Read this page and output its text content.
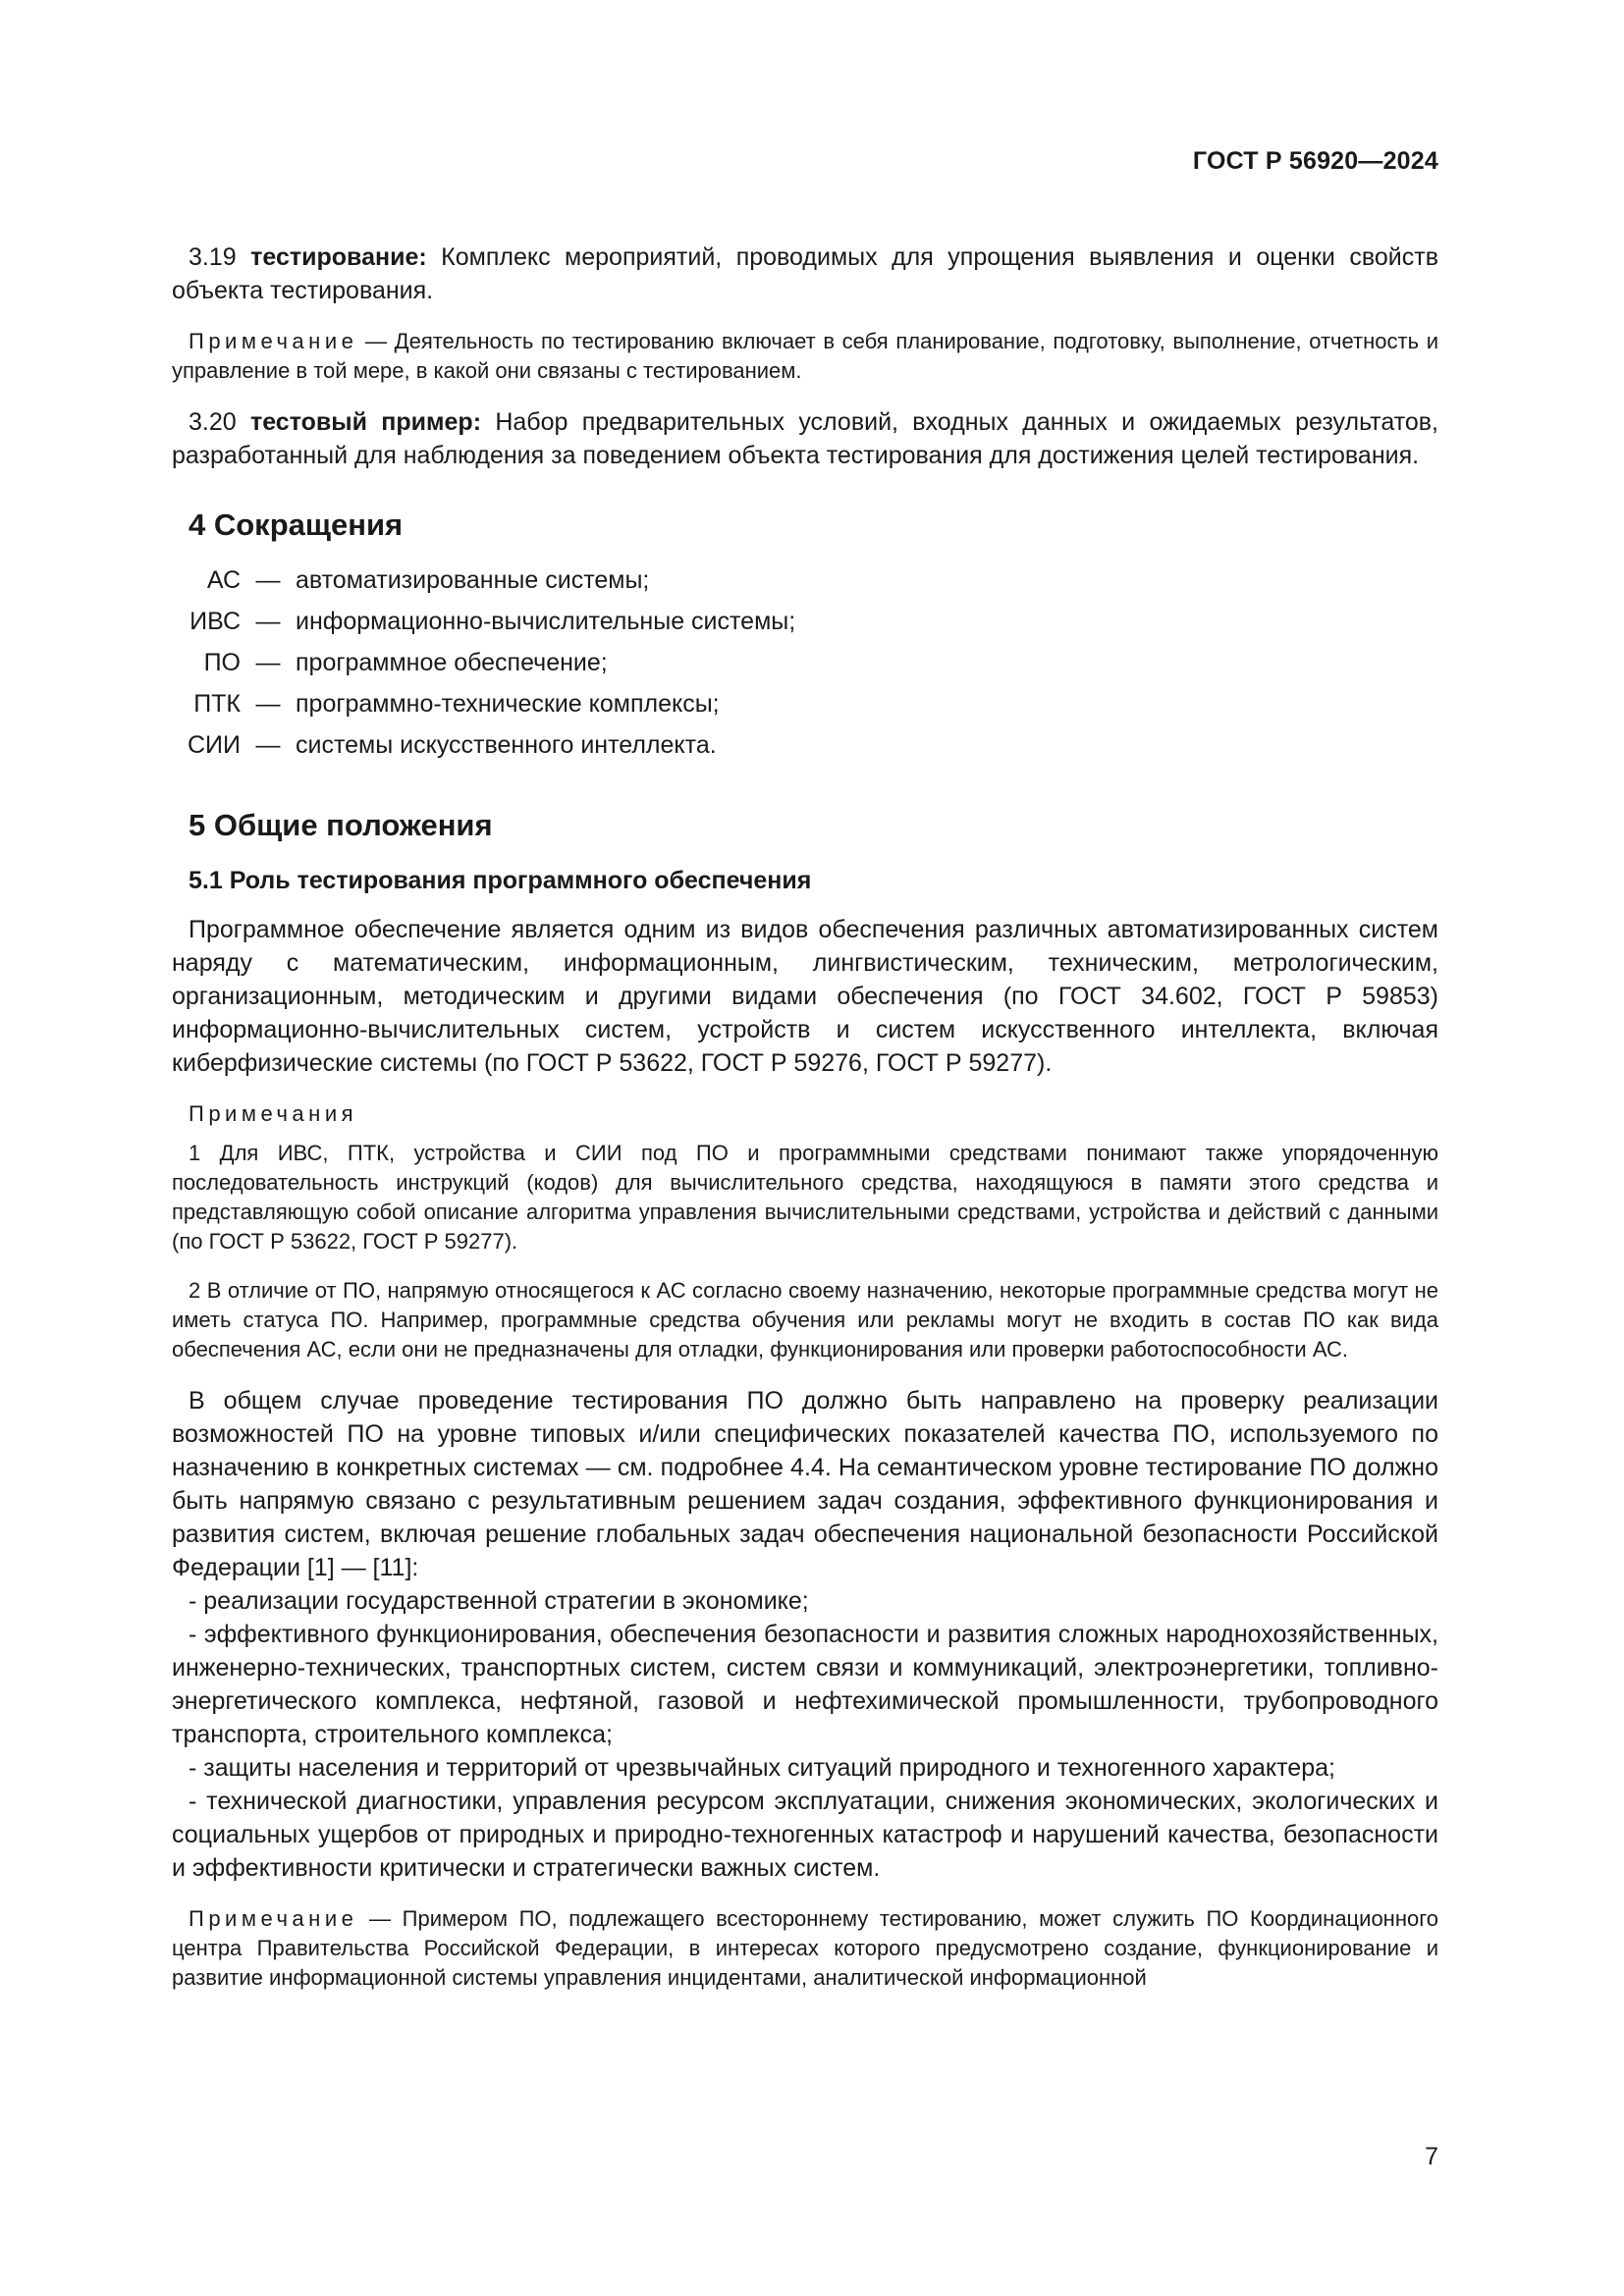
ГОСТ Р 56920—2024

3.19 тестирование: Комплекс мероприятий, проводимых для упрощения выявления и оценки свойств объекта тестирования.

Примечание — Деятельность по тестированию включает в себя планирование, подготовку, выполнение, отчетность и управление в той мере, в какой они связаны с тестированием.

3.20 тестовый пример: Набор предварительных условий, входных данных и ожидаемых результатов, разработанный для наблюдения за поведением объекта тестирования для достижения целей тестирования.

4 Сокращения
АС	—	автоматизированные системы;
ИВС	—	информационно-вычислительные системы;
ПО	—	программное обеспечение;
ПТК	—	программно-технические комплексы;
СИИ	—	системы искусственного интеллекта.
5 Общие положения
5.1 Роль тестирования программного обеспечения

Программное обеспечение является одним из видов обеспечения различных автоматизированных систем наряду с математическим, информационным, лингвистическим, техническим, метрологическим, организационным, методическим и другими видами обеспечения (по ГОСТ 34.602, ГОСТ Р 59853) информационно-вычислительных систем, устройств и систем искусственного интеллекта, включая киберфизические системы (по ГОСТ Р 53622, ГОСТ Р 59276, ГОСТ Р 59277).

Примечания

1 Для ИВС, ПТК, устройства и СИИ под ПО и программными средствами понимают также упорядоченную последовательность инструкций (кодов) для вычислительного средства, находящуюся в памяти этого средства и представляющую собой описание алгоритма управления вычислительными средствами, устройства и действий с данными (по ГОСТ Р 53622, ГОСТ Р 59277).

2 В отличие от ПО, напрямую относящегося к АС согласно своему назначению, некоторые программные средства могут не иметь статуса ПО. Например, программные средства обучения или рекламы могут не входить в состав ПО как вида обеспечения АС, если они не предназначены для отладки, функционирования или проверки работоспособности АС.

В общем случае проведение тестирования ПО должно быть направлено на проверку реализации возможностей ПО на уровне типовых и/или специфических показателей качества ПО, используемого по назначению в конкретных системах — см. подробнее 4.4. На семантическом уровне тестирование ПО должно быть напрямую связано с результативным решением задач создания, эффективного функционирования и развития систем, включая решение глобальных задач обеспечения национальной безопасности Российской Федерации [1] — [11]:

- реализации государственной стратегии в экономике;

- эффективного функционирования, обеспечения безопасности и развития сложных народнохозяйственных, инженерно-технических, транспортных систем, систем связи и коммуникаций, электроэнергетики, топливно-энергетического комплекса, нефтяной, газовой и нефтехимической промышленности, трубопроводного транспорта, строительного комплекса;

- защиты населения и территорий от чрезвычайных ситуаций природного и техногенного характера;

- технической диагностики, управления ресурсом эксплуатации, снижения экономических, экологических и социальных ущербов от природных и природно-техногенных катастроф и нарушений качества, безопасности и эффективности критически и стратегически важных систем.

Примечание — Примером ПО, подлежащего всестороннему тестированию, может служить ПО Координационного центра Правительства Российской Федерации, в интересах которого предусмотрено создание, функционирование и развитие информационной системы управления инцидентами, аналитической информационной

7
